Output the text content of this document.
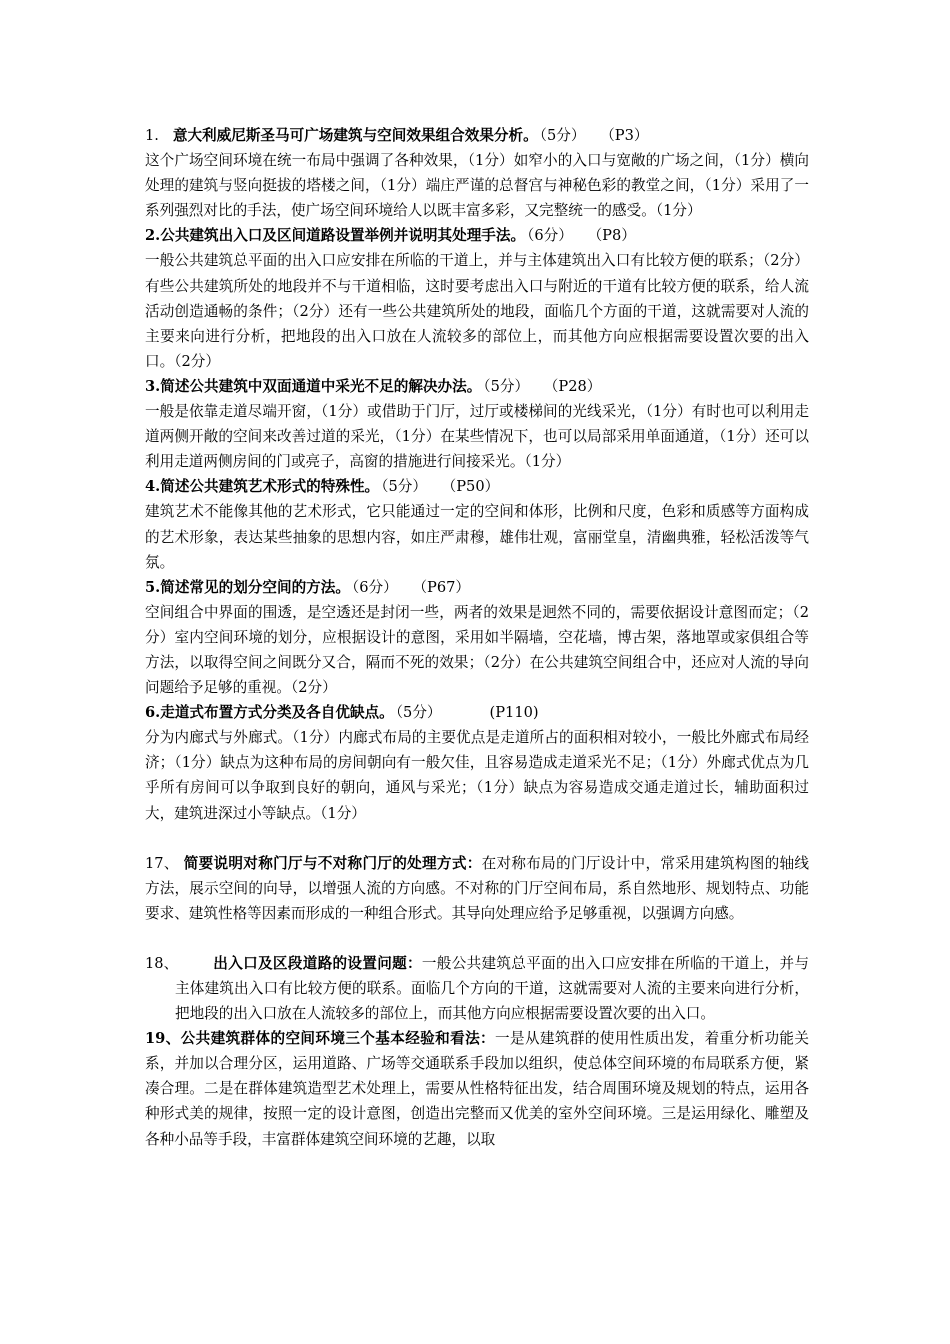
1. 意大利威尼斯圣马可广场建筑与空间效果组合效果分析。 （5分） （P3）

这个广场空间环境在统一布局中强调了各种效果，（1分）如窄小的入口与宽敞的广场之间，（1分）横向处理的建筑与竖向挺拔的塔楼之间，（1分）端庄严谨的总督宫与神秘色彩的教堂之间，（1分）采用了一系列强烈对比的手法，使广场空间环境给人以既丰富多彩，又完整统一的感受。（1分）

2.公共建筑出入口及区间道路设置举例并说明其处理手法。 （6分） （P8）

一般公共建筑总平面的出入口应安排在所临的干道上，并与主体建筑出入口有比较方便的联系；（2分）有些公共建筑所处的地段并不与干道相临，这时要考虑出入口与附近的干道有比较方便的联系，给人流活动创造通畅的条件；（2分）还有一些公共建筑所处的地段，面临几个方面的干道，这就需要对人流的主要来向进行分析，把地段的出入口放在人流较多的部位上，而其他方向应根据需要设置次要的出入口。（2分）

3.简述公共建筑中双面通道中采光不足的解决办法。 （5分） （P28）

一般是依靠走道尽端开窗，（1分）或借助于门厅，过厅或楼梯间的光线采光，（1分）有时也可以利用走道两侧开敞的空间来改善过道的采光，（1分）在某些情况下，也可以局部采用单面通道，（1分）还可以利用走道两侧房间的门或亮子，高窗的措施进行间接采光。（1分）

4.简述公共建筑艺术形式的特殊性。 （5分） （P50）

建筑艺术不能像其他的艺术形式，它只能通过一定的空间和体形，比例和尺度，色彩和质感等方面构成的艺术形象，表达某些抽象的思想内容，如庄严肃穆，雄伟壮观，富丽堂皇，清幽典雅，轻松活泼等气氛。

5.简述常见的划分空间的方法。 （6分） （P67）

空间组合中界面的围透，是空透还是封闭一些，两者的效果是迥然不同的，需要依据设计意图而定；（2分）室内空间环境的划分，应根据设计的意图，采用如半隔墙，空花墙，博古架，落地罩或家俱组合等方法，以取得空间之间既分又合，隔而不死的效果；（2分）在公共建筑空间组合中，还应对人流的导向问题给予足够的重视。（2分）

6.走道式布置方式分类及各自优缺点。 （5分）	(P110)

分为内廊式与外廊式。（1分）内廊式布局的主要优点是走道所占的面积相对较小，一般比外廊式布局经济；（1分）缺点为这种布局的房间朝向有一般欠佳，且容易造成走道采光不足；（1分）外廊式优点为几乎所有房间可以争取到良好的朝向，通风与采光；（1分）缺点为容易造成交通走道过长，辅助面积过大，建筑进深过小等缺点。（1分）

17、 简要说明对称门厅与不对称门厅的处理方式：在对称布局的门厅设计中，常采用建筑构图的轴线方法，展示空间的向导，以增强人流的方向感。不对称的门厅空间布局，系自然地形、规划特点、功能要求、建筑性格等因素而形成的一种组合形式。其导向处理应给予足够重视，以强调方向感。

18、 出入口及区段道路的设置问题：一般公共建筑总平面的出入口应安排在所临的干道上，并与主体建筑出入口有比较方便的联系。面临几个方向的干道，这就需要对人流的主要来向进行分析，把地段的出入口放在人流较多的部位上，而其他方向应根据需要设置次要的出入口。

19、公共建筑群体的空间环境三个基本经验和看法：一是从建筑群的使用性质出发，着重分析功能关系，并加以合理分区，运用道路、广场等交通联系手段加以组织，使总体空间环境的布局联系方便，紧凑合理。二是在群体建筑造型艺术处理上，需要从性格特征出发，结合周围环境及规划的特点，运用各种形式美的规律，按照一定的设计意图，创造出完整而又优美的室外空间环境。三是运用绿化、雕塑及各种小品等手段，丰富群体建筑空间环境的艺趣，以取
